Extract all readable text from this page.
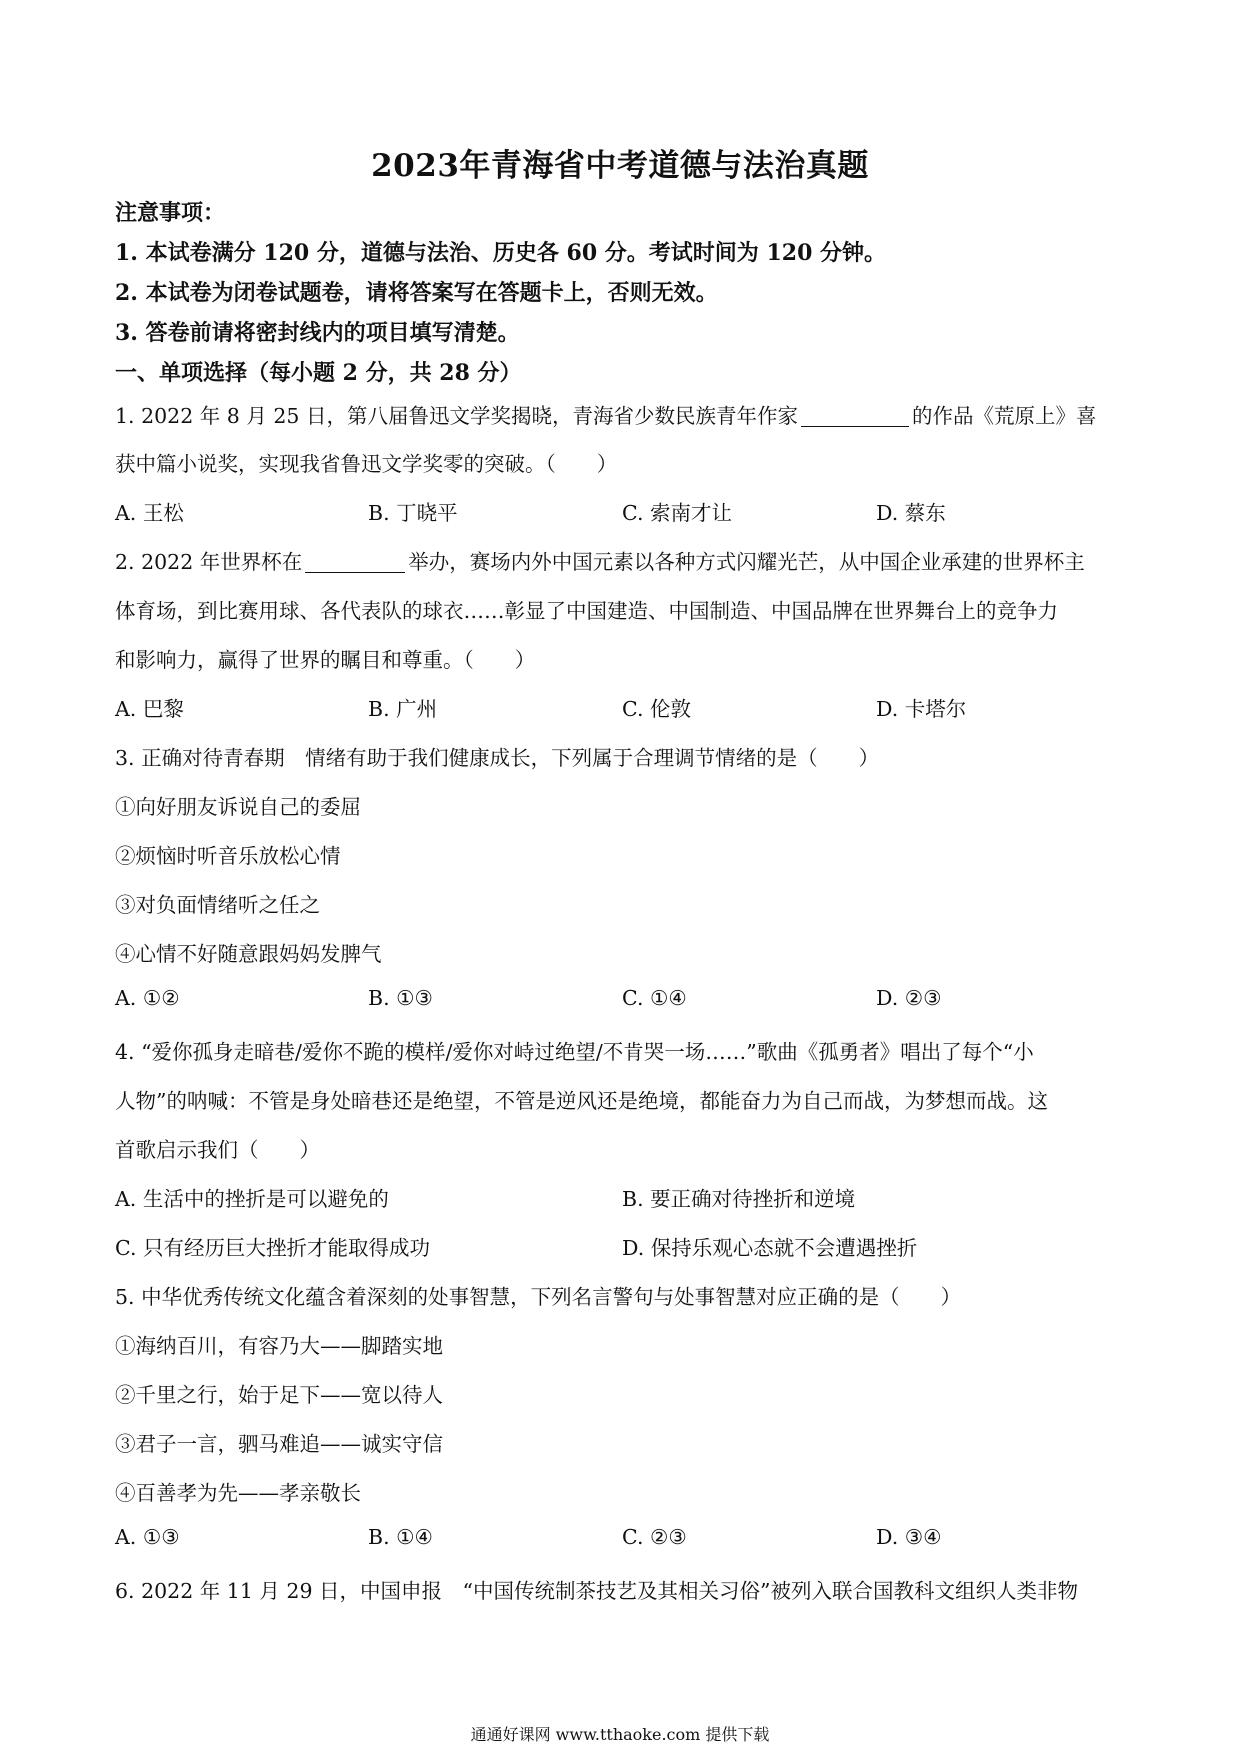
2023年青海省中考道德与法治真题
注意事项：
1. 本试卷满分 120 分，道德与法治、历史各 60 分。考试时间为 120 分钟。
2. 本试卷为闭卷试题卷，请将答案写在答题卡上，否则无效。
3. 答卷前请将密封线内的项目填写清楚。
一、单项选择（每小题 2 分，共 28 分）
1. 2022 年 8 月 25 日，第八届鲁迅文学奖揭晓，青海省少数民族青年作家	的作品《荒原上》喜
获中篇小说奖，实现我省鲁迅文学奖零的突破。（　　）
A. 王松	B. 丁晓平	C. 索南才让	D. 蔡东
2. 2022 年世界杯在	举办，赛场内外中国元素以各种方式闪耀光芒，从中国企业承建的世界杯主
体育场，到比赛用球、各代表队的球衣……彰显了中国建造、中国制造、中国品牌在世界舞台上的竞争力
和影响力，赢得了世界的瞩目和尊重。（　　）
A. 巴黎	B. 广州	C. 伦敦	D. 卡塔尔
3. 正确对待青春期　情绪有助于我们健康成长，下列属于合理调节情绪的是（　　）
①向好朋友诉说自己的委屈
②烦恼时听音乐放松心情
③对负面情绪听之任之
④心情不好随意跟妈妈发脾气
A. ①②	B. ①③	C. ①④	D. ②③
4. “爱你孤身走暗巷/爱你不跪的模样/爱你对峙过绝望/不肯哭一场……”歌曲《孤勇者》唱出了每个“小
人物”的呐喊：不管是身处暗巷还是绝望，不管是逆风还是绝境，都能奋力为自己而战，为梦想而战。这
首歌启示我们（　　）
A. 生活中的挫折是可以避免的	B. 要正确对待挫折和逆境
C. 只有经历巨大挫折才能取得成功	D. 保持乐观心态就不会遭遇挫折
5. 中华优秀传统文化蕴含着深刻的处事智慧，下列名言警句与处事智慧对应正确的是（　　）
①海纳百川，有容乃大——脚踏实地
②千里之行，始于足下——宽以待人
③君子一言，驷马难追——诚实守信
④百善孝为先——孝亲敬长
A. ①③	B. ①④	C. ②③	D. ③④
6. 2022 年 11 月 29 日，中国申报　“中国传统制茶技艺及其相关习俗”被列入联合国教科文组织人类非物
通通好课网 www.tthaoke.com 提供下载
